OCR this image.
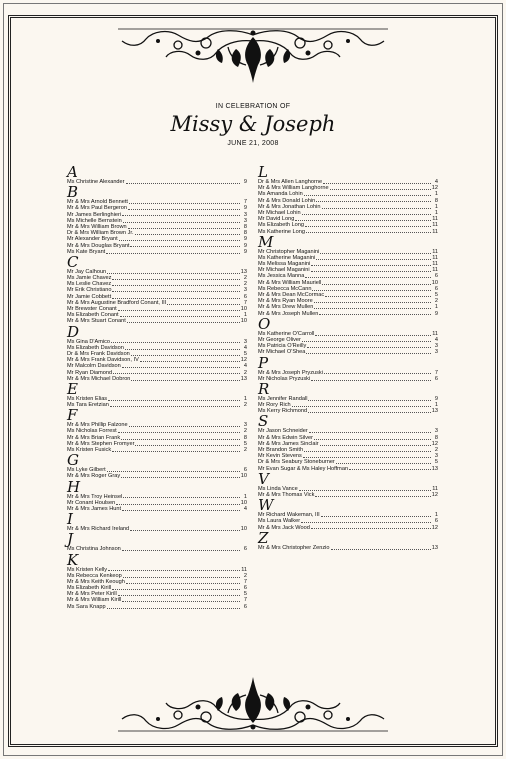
IN CELEBRATION OF
Missy & Joseph
JUNE 21, 2008
A
Ms Christine Alexander	9
B
Mr & Mrs Arnold Bennett	7
Mr & Mrs Paul Bergeron	9
Mr James Berlinghieri	3
Ms Michelle Bernstein	3
Mr & Mrs William Brown	8
Dr & Mrs William Brown Jr.	8
Mr Alexander Bryant	9
Mr & Mrs Douglas Bryant	9
Ms Kate Bryant	9
C
Mr Jay Calhoun	13
Ms Jamie Chavez	2
Ms Leslie Chavez	2
Mr Erik Christiano	3
Mr Jamie Cobbett	6
Mr & Mrs Augustine Bradford Conant, III	7
Mr Brewster Conant	10
Ms Elizabeth Conant	1
Mr & Mrs Stuart Conant	10
D
Ms Gina D'Amico	3
Ms Elizabeth Davidson	4
Dr & Mrs Frank Davidson	5
Mr & Mrs Frank Davidson, IV	12
Mr Malcolm Davidson	4
Mr Ryan Diamond	2
Mr & Mrs Michael Dobron	13
E
Ms Kristen Elias	1
Ms Tara Eretzian	2
F
Mr & Mrs Phillip Falzone	3
Ms Nicholas Forrest	2
Mr & Mrs Brian Frank	8
Mr & Mrs Stephen Fromyer	5
Ms Kristen Fusick	2
G
Ms Lyke Gilbert	6
Mr & Mrs Roger Gray	10
H
Mr & Mrs Troy Heinsel	1
Mr Conant Houlsen	10
Mr & Mrs James Hunt	4
I
Mr & Mrs Richard Ireland	10
J
Ms Christina Johnson	6
K
Ms Kristen Kelly	11
Ms Rebecca Kenkeop	2
Mr & Mrs Keith Keough	7
Ms Elizabeth Kirill	6
Mr & Mrs Peter Kirill	5
Mr & Mrs William Kirill	7
Ms Sara Knapp	6
L
Dr & Mrs Allen Langhorne	4
Mr & Mrs William Langhorne	12
Ms Amanda Lohin	1
Mr & Mrs Donald Lohin	8
Mr & Mrs Jonathan Lohin	1
Mr Michael Lohin	1
Mr David Long	11
Ms Elizabeth Long	11
Ms Katherine Long	11
M
Mr Christopher Maganini	11
Ms Katherine Maganini	11
Ms Melissa Maganini	11
Mr Michael Maganini	11
Ms Jessica Manna	6
Mr & Mrs William Mauriell	10
Ms Rebecca McCann	6
Mr & Mrs Dean McCormac	5
Mr & Mrs Ryan Moore	2
Mr & Mrs Drew Mullen	1
Mr & Mrs Joseph Mullen	9
O
Ms Katherine O'Carroll	11
Mr George Oliver	4
Ms Patricia O'Reilly	3
Mr Michael O'Shea	3
P
Mr & Mrs Joseph Pryzuski	7
Mr Nicholas Pryzuski	6
R
Ms Jennifer Randall	9
Mr Rory Rich	1
Ms Kerry Richmond	13
S
Mr Jason Schneider	3
Mr & Mrs Edwin Silver	8
Mr & Mrs James Sinclair	12
Mr Brandon Smith	2
Mr Kevin Stevens	3
Dr & Mrs Seabury Stoneburner	5
Mr Evan Sugar & Ms Haley Hoffman	13
V
Ms Linda Vance	11
Mr & Mrs Thomas Vick	12
W
Mr Richard Wakeman, III	1
Ms Laura Walker	6
Mr & Mrs Jack Wood	12
Z
Mr & Mrs Christopher Zenzio	13
